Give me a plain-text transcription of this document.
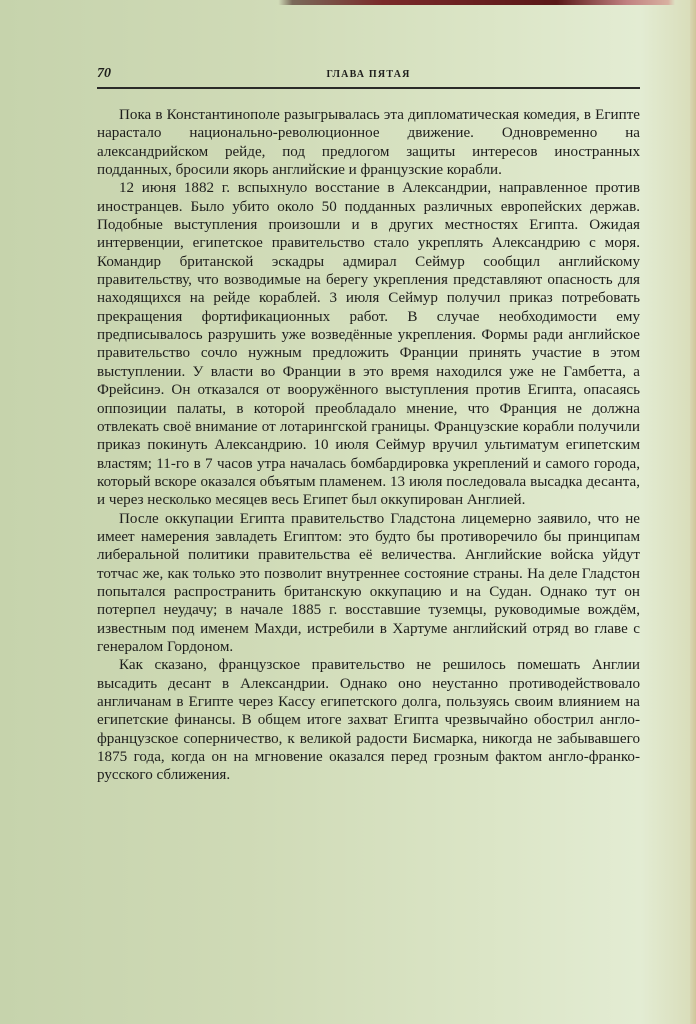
70	ГЛАВА ПЯТАЯ

Пока в Константинополе разыгрывалась эта дипломатическая комедия, в Египте нарастало национально-революционное движение. Одновременно на александрийском рейде, под предлогом защиты интересов иностранных подданных, бросили якорь английские и французские корабли.

12 июня 1882 г. вспыхнуло восстание в Александрии, направленное против иностранцев. Было убито около 50 подданных различных европейских держав. Подобные выступления произошли и в других местностях Египта. Ожидая интервенции, египетское правительство стало укреплять Александрию с моря. Командир британской эскадры адмирал Сеймур сообщил английскому правительству, что возводимые на берегу укрепления представляют опасность для находящихся на рейде кораблей. 3 июля Сеймур получил приказ потребовать прекращения фортификационных работ. В случае необходимости ему предписывалось разрушить уже возведённые укрепления. Формы ради английское правительство сочло нужным предложить Франции принять участие в этом выступлении. У власти во Франции в это время находился уже не Гамбетта, а Фрейсинэ. Он отказался от вооружённого выступления против Египта, опасаясь оппозиции палаты, в которой преобладало мнение, что Франция не должна отвлекать своё внимание от лотарингской границы. Французские корабли получили приказ покинуть Александрию. 10 июля Сеймур вручил ультиматум египетским властям; 11-го в 7 часов утра началась бомбардировка укреплений и самого города, который вскоре оказался объятым пламенем. 13 июля последовала высадка десанта, и через несколько месяцев весь Египет был оккупирован Англией.

После оккупации Египта правительство Гладстона лицемерно заявило, что не имеет намерения завладеть Египтом: это будто бы противоречило бы принципам либеральной политики правительства её величества. Английские войска уйдут тотчас же, как только это позволит внутреннее состояние страны. На деле Гладстон попытался распространить британскую оккупацию и на Судан. Однако тут он потерпел неудачу; в начале 1885 г. восставшие туземцы, руководимые вождём, известным под именем Махди, истребили в Хартуме английский отряд во главе с генералом Гордоном.

Как сказано, французское правительство не решилось помешать Англии высадить десант в Александрии. Однако оно неустанно противодействовало англичанам в Египте через Кассу египетского долга, пользуясь своим влиянием на египетские финансы. В общем итоге захват Египта чрезвычайно обострил англо-французское соперничество, к великой радости Бисмарка, никогда не забывавшего 1875 года, когда он на мгновение оказался перед грозным фактом англо-франко-русского сближения.
